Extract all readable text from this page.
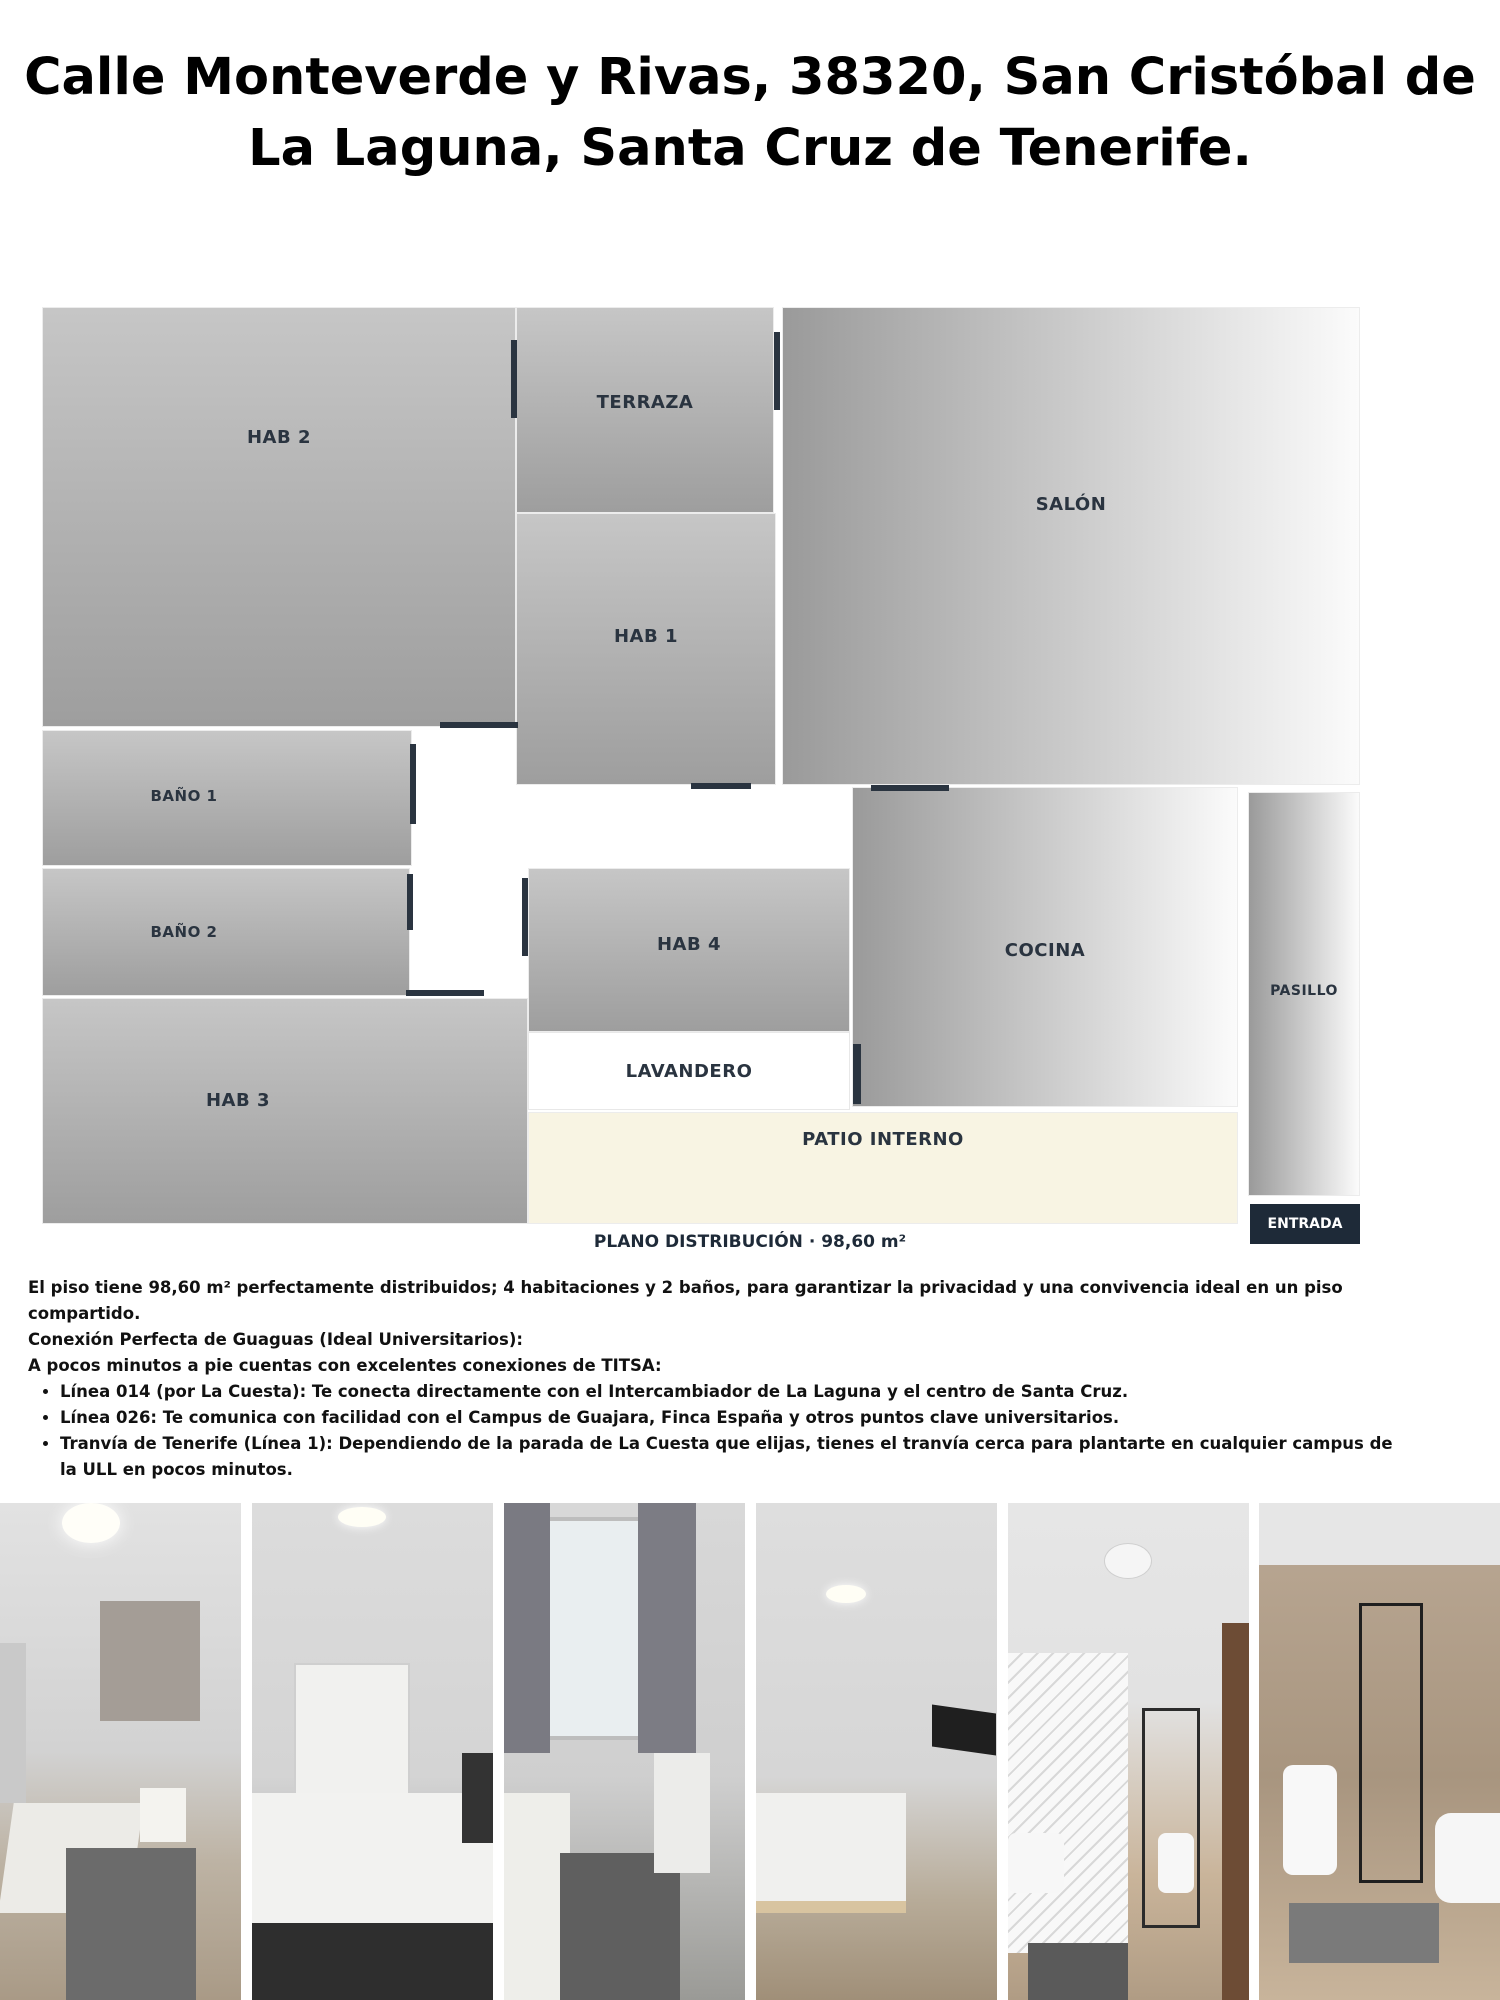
Calle Monteverde y Rivas, 38320, San Cristóbal de La Laguna, Santa Cruz de Tenerife.
HAB 2
TERRAZA
SALÓN
HAB 1
BAÑO 1
BAÑO 2
HAB 4	COCINA
PASILLO
LAVANDERO
HAB 3
PATIO INTERNO
ENTRADA
PLANO DISTRIBUCIÓN · 98,60 m²

El piso tiene 98,60 m² perfectamente distribuidos; 4 habitaciones y 2 baños, para garantizar la privacidad y una convivencia ideal en un piso compartido.

Conexión Perfecta de Guaguas (Ideal Universitarios):

A pocos minutos a pie cuentas con excelentes conexiones de TITSA:

• Línea 014 (por La Cuesta): Te conecta directamente con el Intercambiador de La Laguna y el centro de Santa Cruz.
• Línea 026: Te comunica con facilidad con el Campus de Guajara, Finca España y otros puntos clave universitarios.
• Tranvía de Tenerife (Línea 1): Dependiendo de la parada de La Cuesta que elijas, tienes el tranvía cerca para plantarte en cualquier campus de la ULL en pocos minutos.
